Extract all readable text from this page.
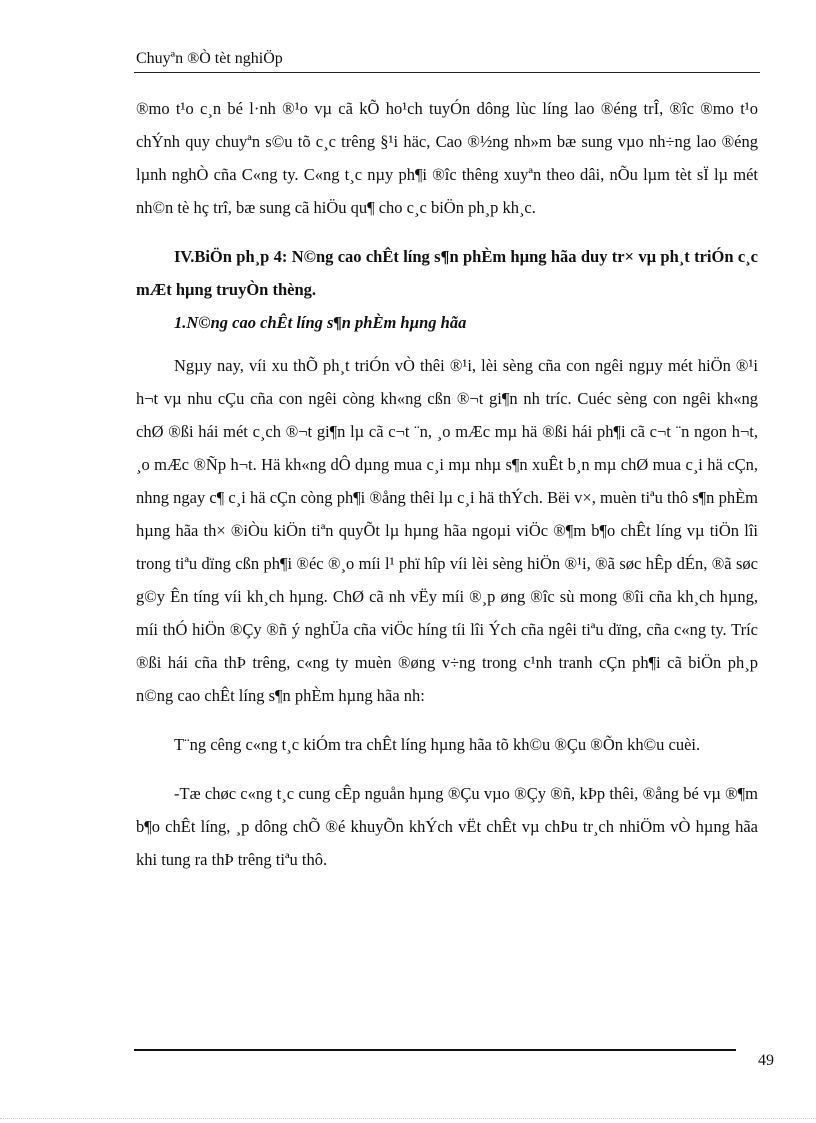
Chuyªn ®Ò tèt nghiÖp

®mo t¹o c¸n bé l·nh ®¹o vµ cã kÕ ho¹ch tuyÓn dông lùc líng lao ®éng trÎ, ®îc ®mo t¹o chÝnh quy chuyªn s©u tõ c¸c trêng §¹i häc, Cao ®½ng nh»m bæ sung vµo nh÷ng lao ®éng lµnh nghÒ cña C«ng ty. C«ng t¸c nµy ph¶i ®îc thêng xuyªn theo dâi, nÕu lµm tèt sÏ lµ mét nh©n tè hç trî, bæ sung cã hiÖu qu¶ cho c¸c biÖn ph¸p kh¸c.

IV.BiÖn ph¸p 4: N©ng cao chÊt líng s¶n phÈm hµng hãa duy tr× vµ ph¸t triÓn c¸c mÆt hµng truyÒn thèng.

1.N©ng cao chÊt líng s¶n phÈm hµng hãa

Ngµy nay, víi xu thÕ ph¸t triÓn vÒ thêi ®¹i, lèi sèng cña con ngêi ngµy mét hiÖn ®¹i h¬t vµ nhu cÇu cña con ngêi còng kh«ng cßn ®¬t gi¶n nh tríc. Cuéc sèng con ngêi kh«ng chØ ®ßi hái mét c¸ch ®¬t gi¶n lµ cã c¬t ¨n, ¸o mÆc mµ hä ®ßi hái ph¶i cã c¬t ¨n ngon h¬t, ¸o mÆc ®Ñp h¬t. Hä kh«ng dÔ dµng mua c¸i mµ nhµ s¶n xuÊt b¸n mµ chØ mua c¸i hä cÇn, nhng ngay c¶ c¸i hä cÇn còng ph¶i ®ång thêi lµ c¸i hä thÝch. Bëi v×, muèn tiªu thô s¶n phÈm hµng hãa th× ®iÒu kiÖn tiªn quyÕt lµ hµng hãa ngoµi viÖc ®¶m b¶o chÊt líng vµ tiÖn lîi trong tiªu dïng cßn ph¶i ®éc ®¸o míi l¹ phï hîp víi lèi sèng hiÖn ®¹i, ®ã søc hÊp dÉn, ®ã søc g©y Ên tíng víi kh¸ch hµng. ChØ cã nh vËy míi ®¸p øng ®îc sù mong ®îi cña kh¸ch hµng, míi thÓ hiÖn ®Çy ®ñ ý nghÜa cña viÖc híng tíi lîi Ých cña ngêi tiªu dïng, cña c«ng ty. Tríc ®ßi hái cña thÞ trêng, c«ng ty muèn ®øng v÷ng trong c¹nh tranh cÇn ph¶i cã biÖn ph¸p n©ng cao chÊt líng s¶n phÈm hµng hãa nh:

T¨ng cêng c«ng t¸c kiÓm tra chÊt líng hµng hãa tõ kh©u ®Çu ®Õn kh©u cuèi.

-Tæ chøc c«ng t¸c cung cÊp nguån hµng ®Çu vµo ®Çy ®ñ, kÞp thêi, ®ång bé vµ ®¶m b¶o chÊt líng, ¸p dông chÕ ®é khuyÕn khÝch vËt chÊt vµ chÞu tr¸ch nhiÖm vÒ hµng hãa khi tung ra thÞ trêng tiªu thô.

49
